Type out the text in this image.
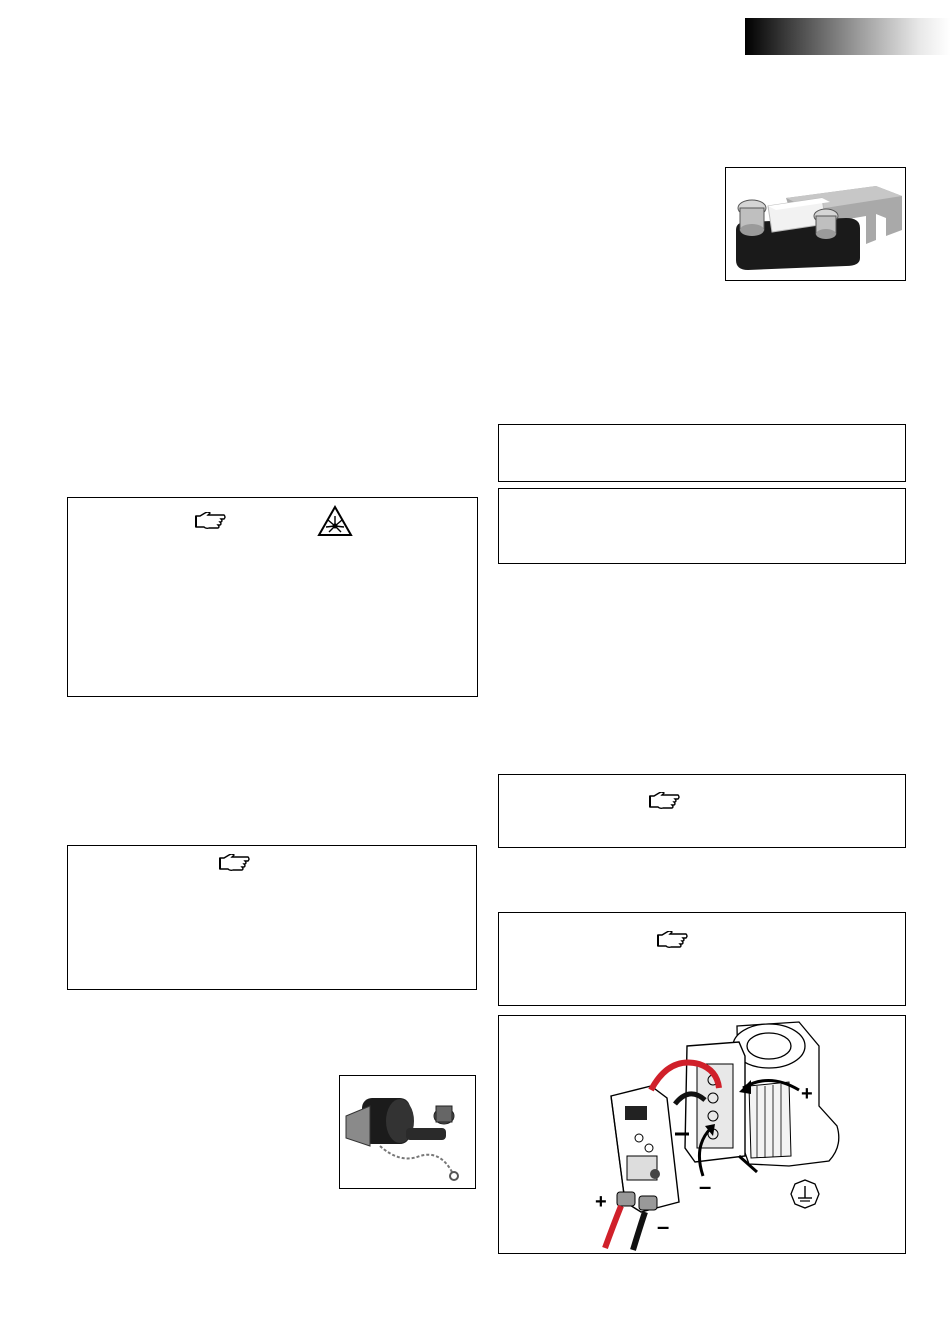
+
–
+
–
